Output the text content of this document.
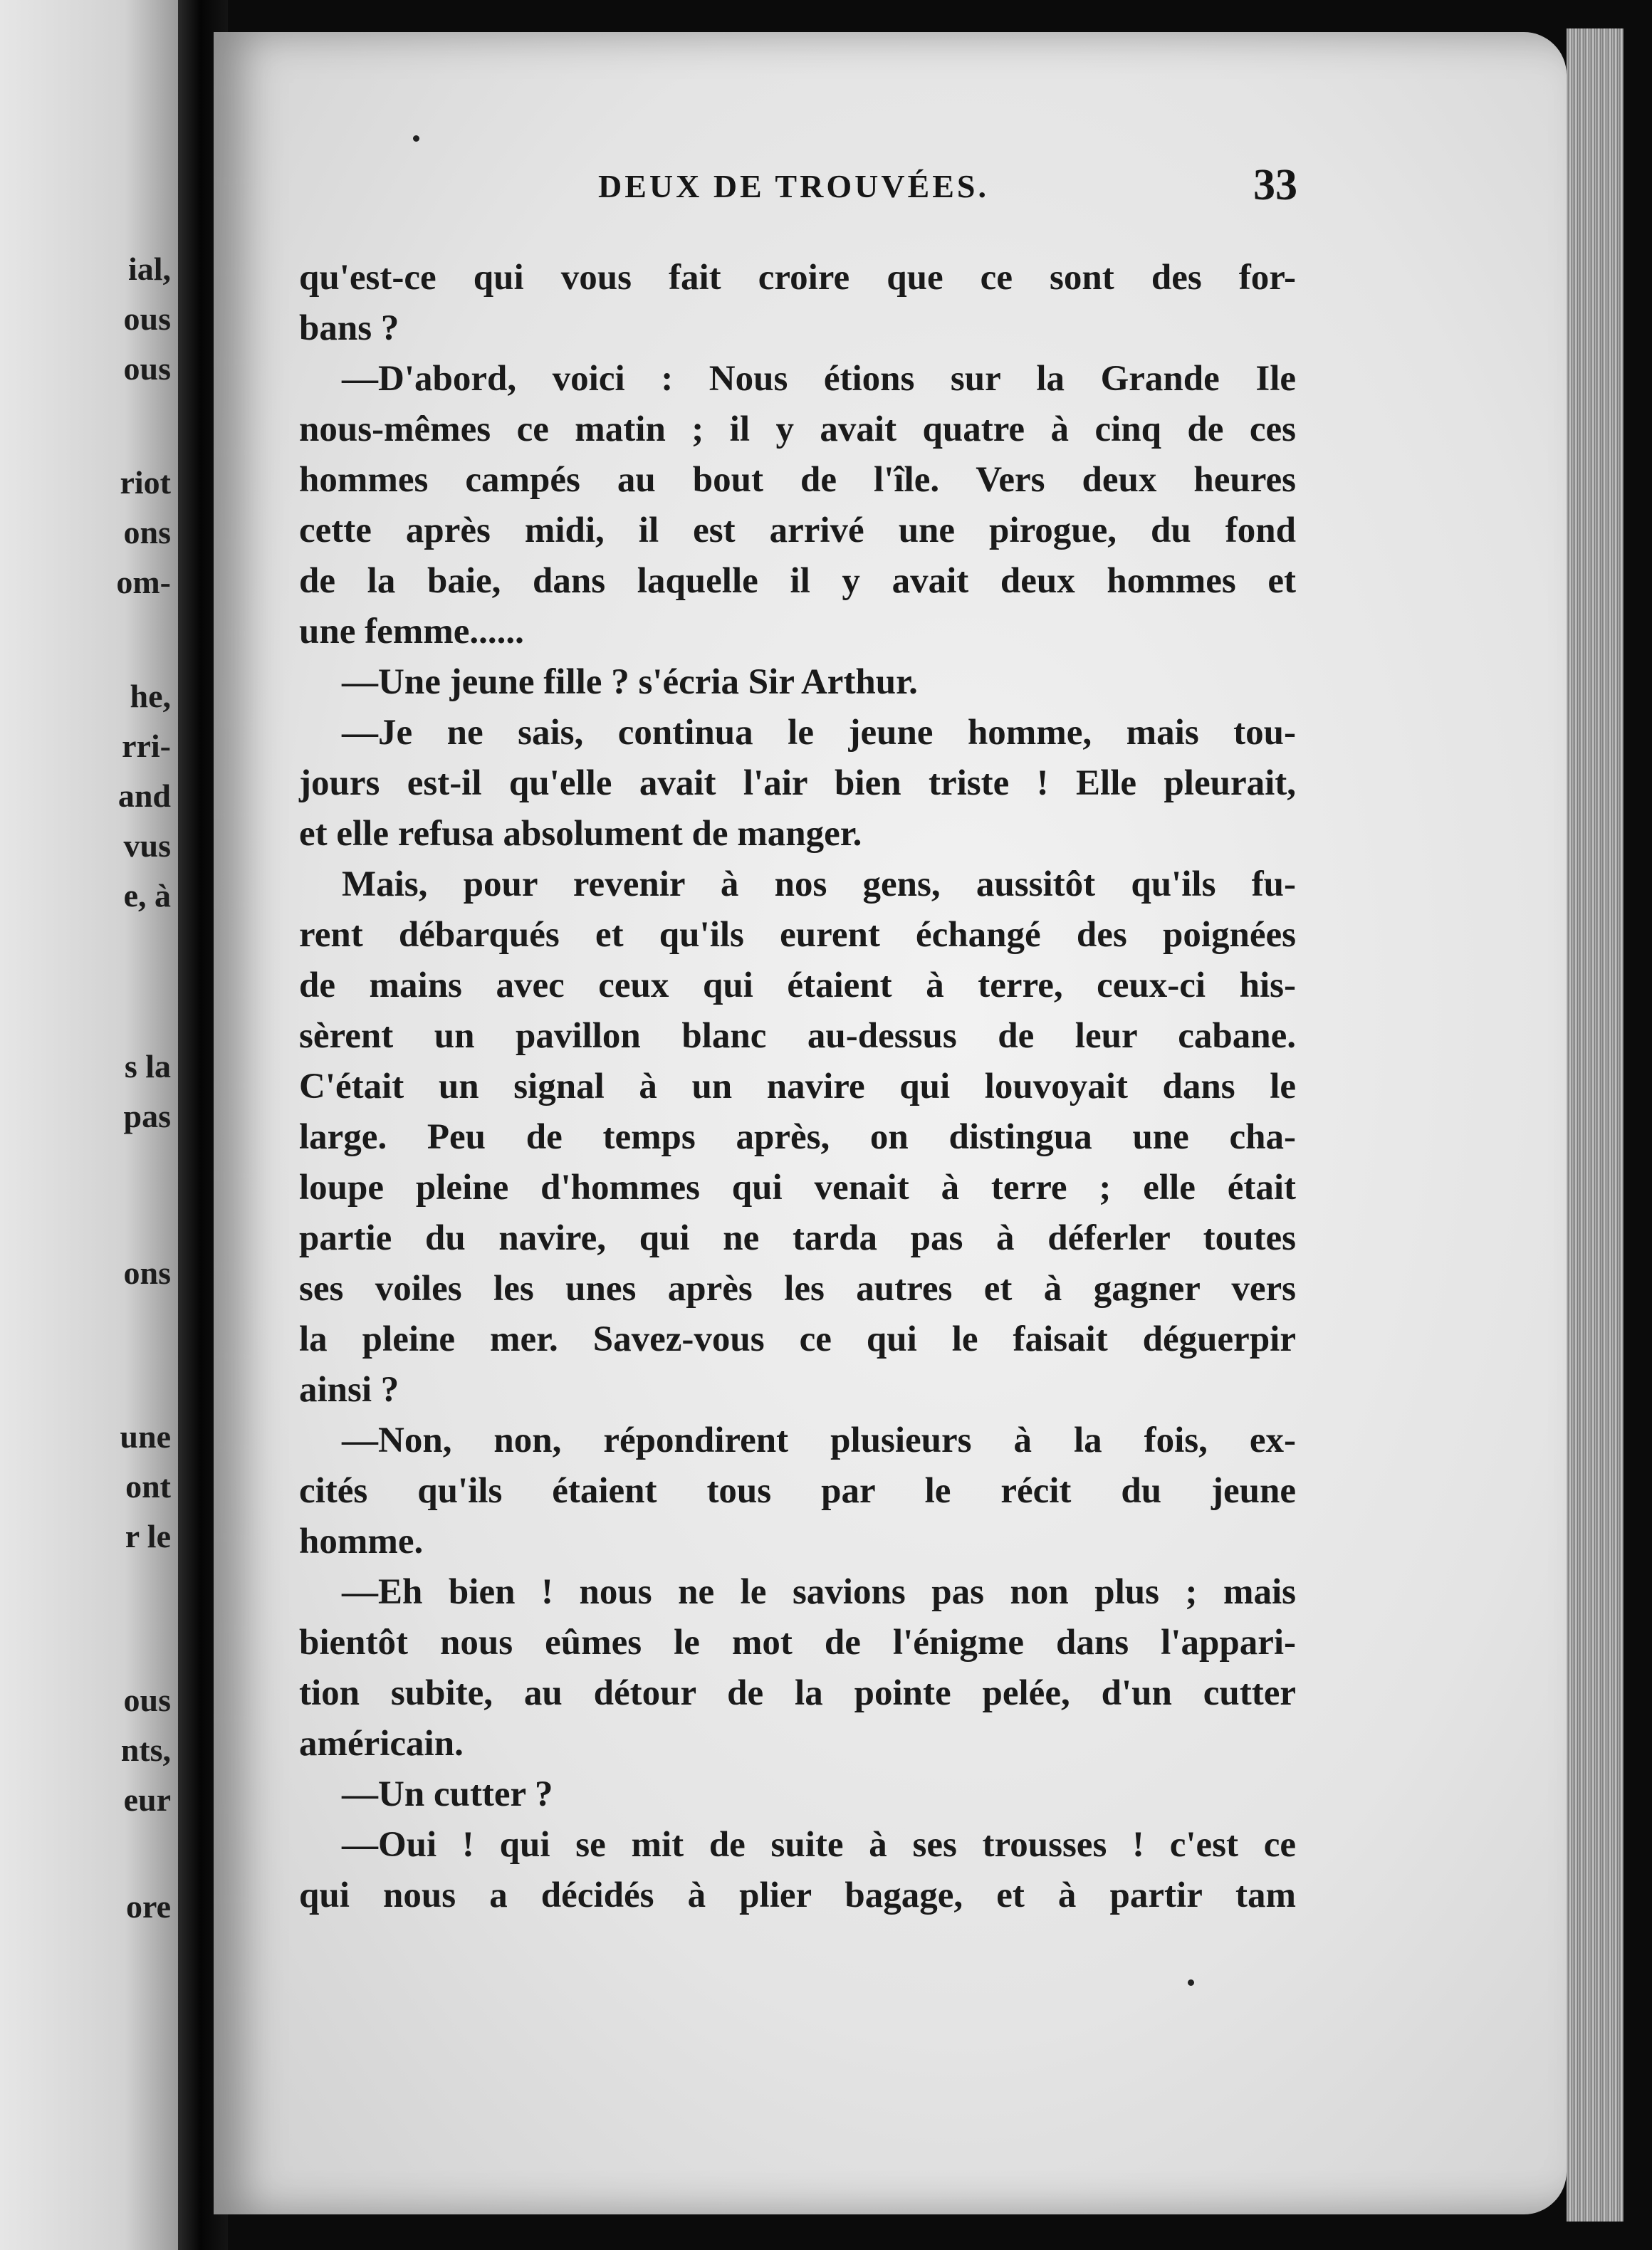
ial,
ous
ous
riot
ons
om-
he,
rri-
and
vus
e, à
s la
pas
ons
une
ont
r le
ous
nts,
eur
ore
DEUX DE TROUVÉES.	33
qu'est-ce qui vous fait croire que ce sont des for-
bans ?
—D'abord, voici : Nous étions sur la Grande Ile
nous-mêmes ce matin ; il y avait quatre à cinq de ces
hommes campés au bout de l'île. Vers deux heures
cette après midi, il est arrivé une pirogue, du fond
de la baie, dans laquelle il y avait deux hommes et
une femme......
—Une jeune fille ? s'écria Sir Arthur.
—Je ne sais, continua le jeune homme, mais tou-
jours est-il qu'elle avait l'air bien triste ! Elle pleurait,
et elle refusa absolument de manger.
Mais, pour revenir à nos gens, aussitôt qu'ils fu-
rent débarqués et qu'ils eurent échangé des poignées
de mains avec ceux qui étaient à terre, ceux-ci his-
sèrent un pavillon blanc au-dessus de leur cabane.
C'était un signal à un navire qui louvoyait dans le
large. Peu de temps après, on distingua une cha-
loupe pleine d'hommes qui venait à terre ; elle était
partie du navire, qui ne tarda pas à déferler toutes
ses voiles les unes après les autres et à gagner vers
la pleine mer. Savez-vous ce qui le faisait déguerpir
ainsi ?
—Non, non, répondirent plusieurs à la fois, ex-
cités qu'ils étaient tous par le récit du jeune
homme.
—Eh bien ! nous ne le savions pas non plus ; mais
bientôt nous eûmes le mot de l'énigme dans l'appari-
tion subite, au détour de la pointe pelée, d'un cutter
américain.
—Un cutter ?
—Oui ! qui se mit de suite à ses trousses ! c'est ce
qui nous a décidés à plier bagage, et à partir tam
